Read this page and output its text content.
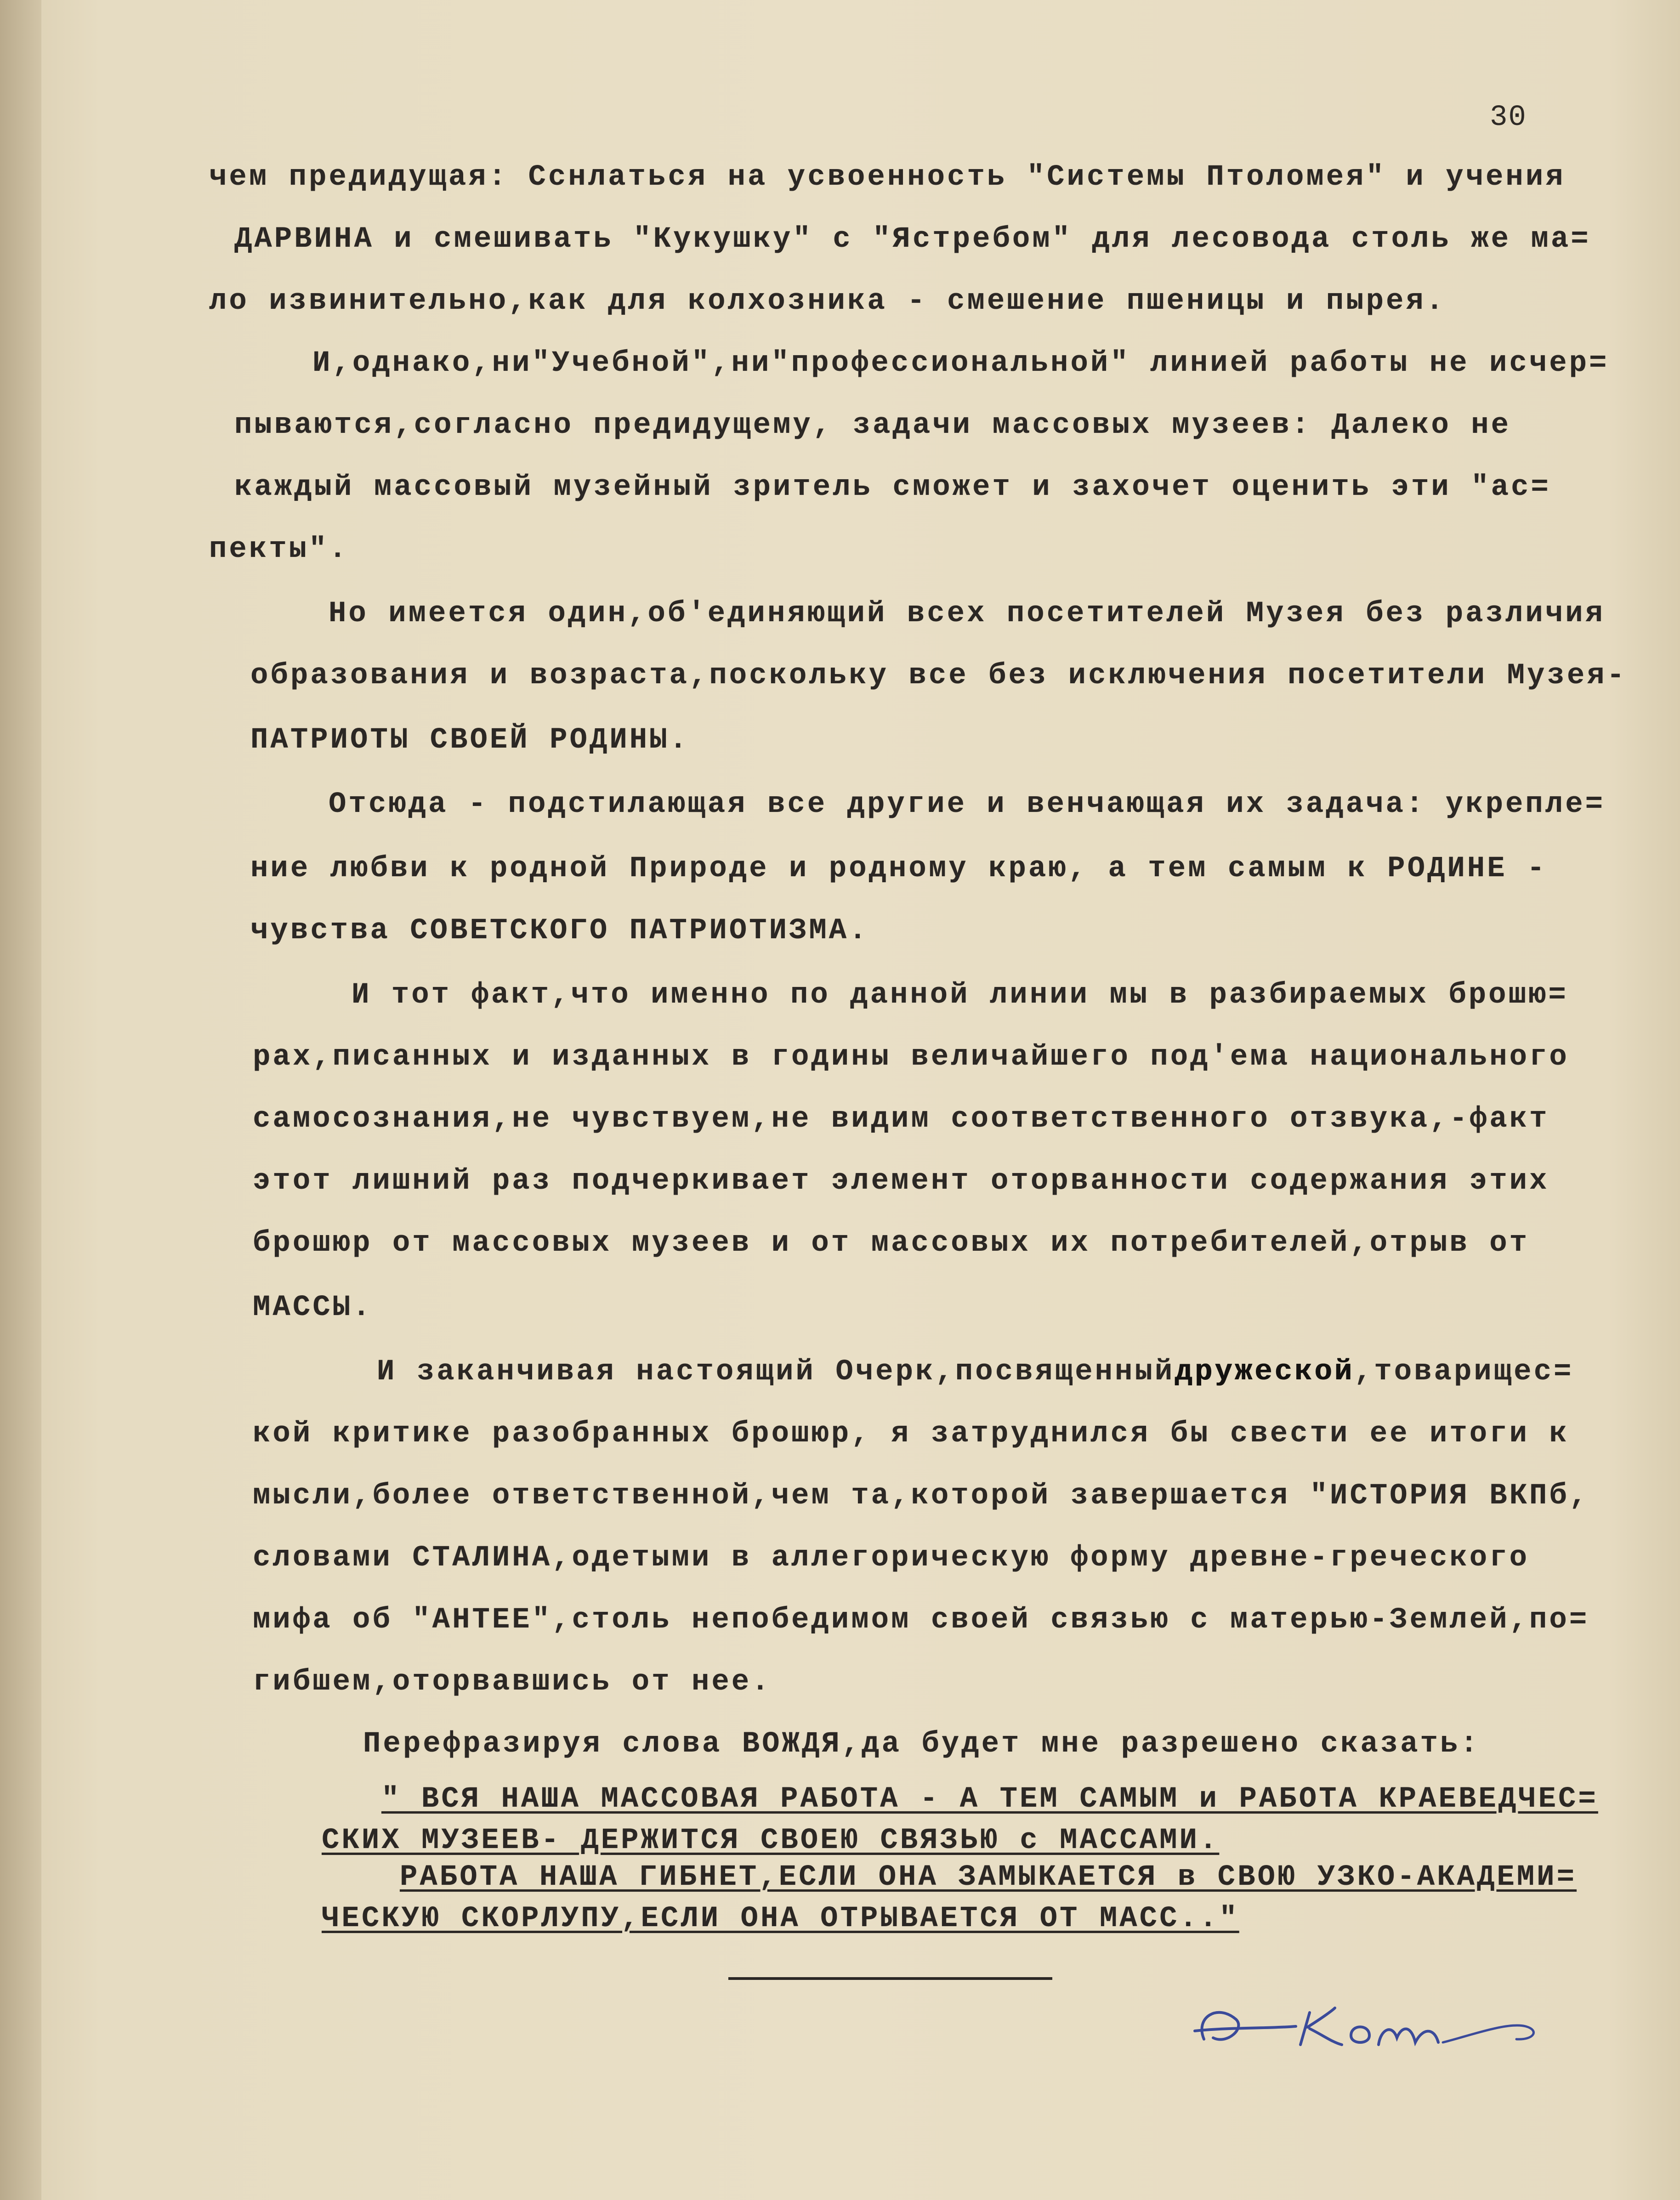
30
чем предидущая: Сснлаться на усвоенность "Системы Птоломея" и учения
ДАРВИНА и смешивать "Кукушку" с "Ястребом" для лесовода столь же ма=
ло извинительно,как для колхозника - смешение пшеницы и пырея.
И,однако,ни"Учебной",ни"профессиональной" линией работы не исчер=
пываются,согласно предидущему, задачи массовых музеев: Далеко не
каждый массовый музейный зритель сможет и захочет оценить эти "ас=
пекты".
Но имеется один,об'единяющий всех посетителей Музея без различия
образования и возраста,поскольку все без исключения посетители Музея-
ПАТРИОТЫ СВОЕЙ РОДИНЫ.
Отсюда - подстилающая все другие и венчающая их задача: укрепле=
ние любви к родной Природе и родному краю, а тем самым к РОДИНЕ -
чувства СОВЕТСКОГО ПАТРИОТИЗМА.
И тот факт,что именно по данной линии мы в разбираемых брошю=
рах,писанных и изданных в годины величайшего под'ема национального
самосознания,не чувствуем,не видим соответственного отзвука,-факт
этот лишний раз подчеркивает элемент оторванности содержания этих
брошюр от массовых музеев и от массовых их потребителей,отрыв от
МАССЫ.
И заканчивая настоящий Очерк,посвященныйдружеской,товарищес=
кой критике разобранных брошюр, я затруднился бы свести ее итоги к
мысли,более ответственной,чем та,которой завершается "ИСТОРИЯ ВКПб,
словами СТАЛИНА,одетыми в аллегорическую форму древне-греческого
мифа об "АНТЕЕ",столь непобедимом своей связью с матерью-Землей,по=
гибшем,оторвавшись от нее.
Перефразируя слова ВОЖДЯ,да будет мне разрешено сказать:
" ВСЯ НАША МАССОВАЯ РАБОТА - А ТЕМ САМЫМ и РАБОТА КРАЕВЕДЧЕС=
СКИХ МУЗЕЕВ- ДЕРЖИТСЯ СВОЕЮ СВЯЗЬЮ с МАССАМИ.
РАБОТА НАША ГИБНЕТ,ЕСЛИ ОНА ЗАМЫКАЕТСЯ в СВОЮ УЗКО-АКАДЕМИ=
ЧЕСКУЮ СКОРЛУПУ,ЕСЛИ ОНА ОТРЫВАЕТСЯ ОТ МАСС.."
